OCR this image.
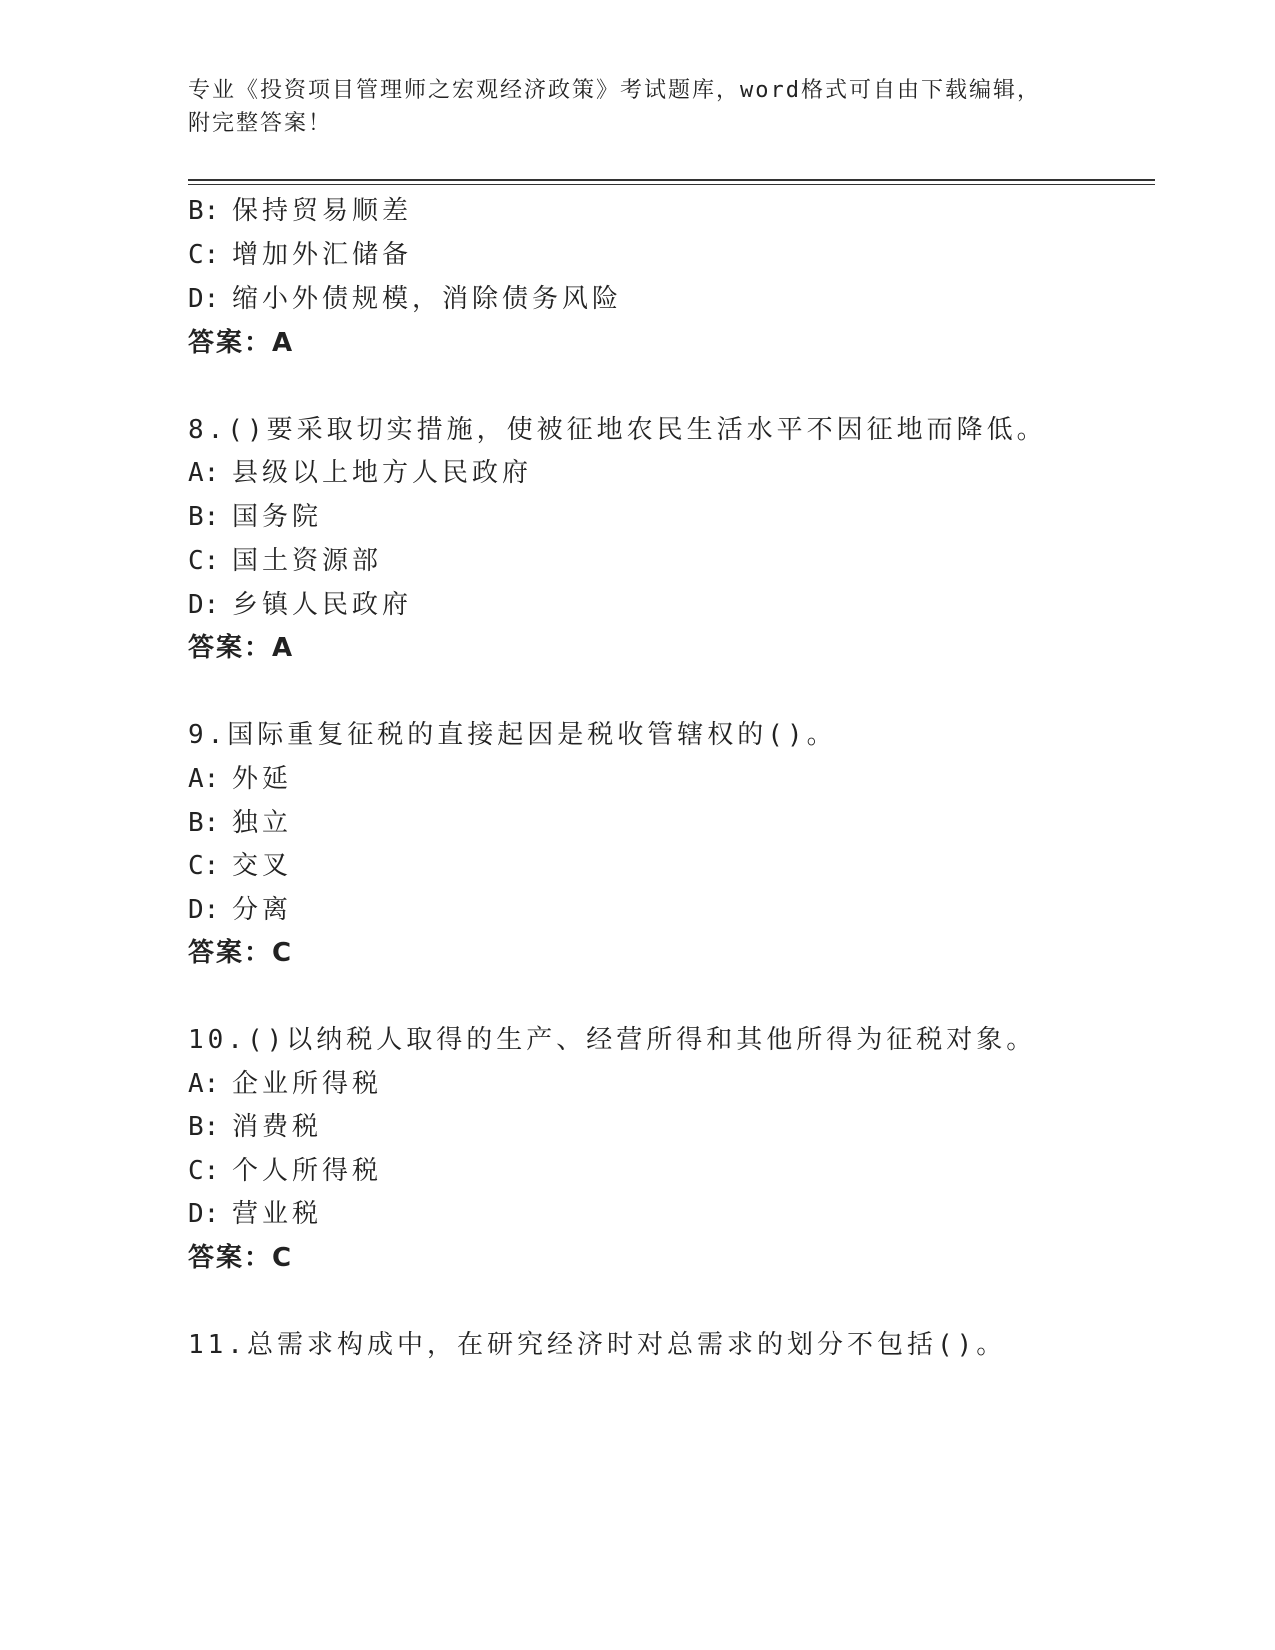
专业《投资项目管理师之宏观经济政策》考试题库，word格式可自由下载编辑，
附完整答案！
B: 保持贸易顺差
C: 增加外汇储备
D: 缩小外债规模，消除债务风险
答案：A
8.()要采取切实措施，使被征地农民生活水平不因征地而降低。
A: 县级以上地方人民政府
B: 国务院
C: 国土资源部
D: 乡镇人民政府
答案：A
9.国际重复征税的直接起因是税收管辖权的()。
A: 外延
B: 独立
C: 交叉
D: 分离
答案：C
10.()以纳税人取得的生产、经营所得和其他所得为征税对象。
A: 企业所得税
B: 消费税
C: 个人所得税
D: 营业税
答案：C
11.总需求构成中，在研究经济时对总需求的划分不包括()。
